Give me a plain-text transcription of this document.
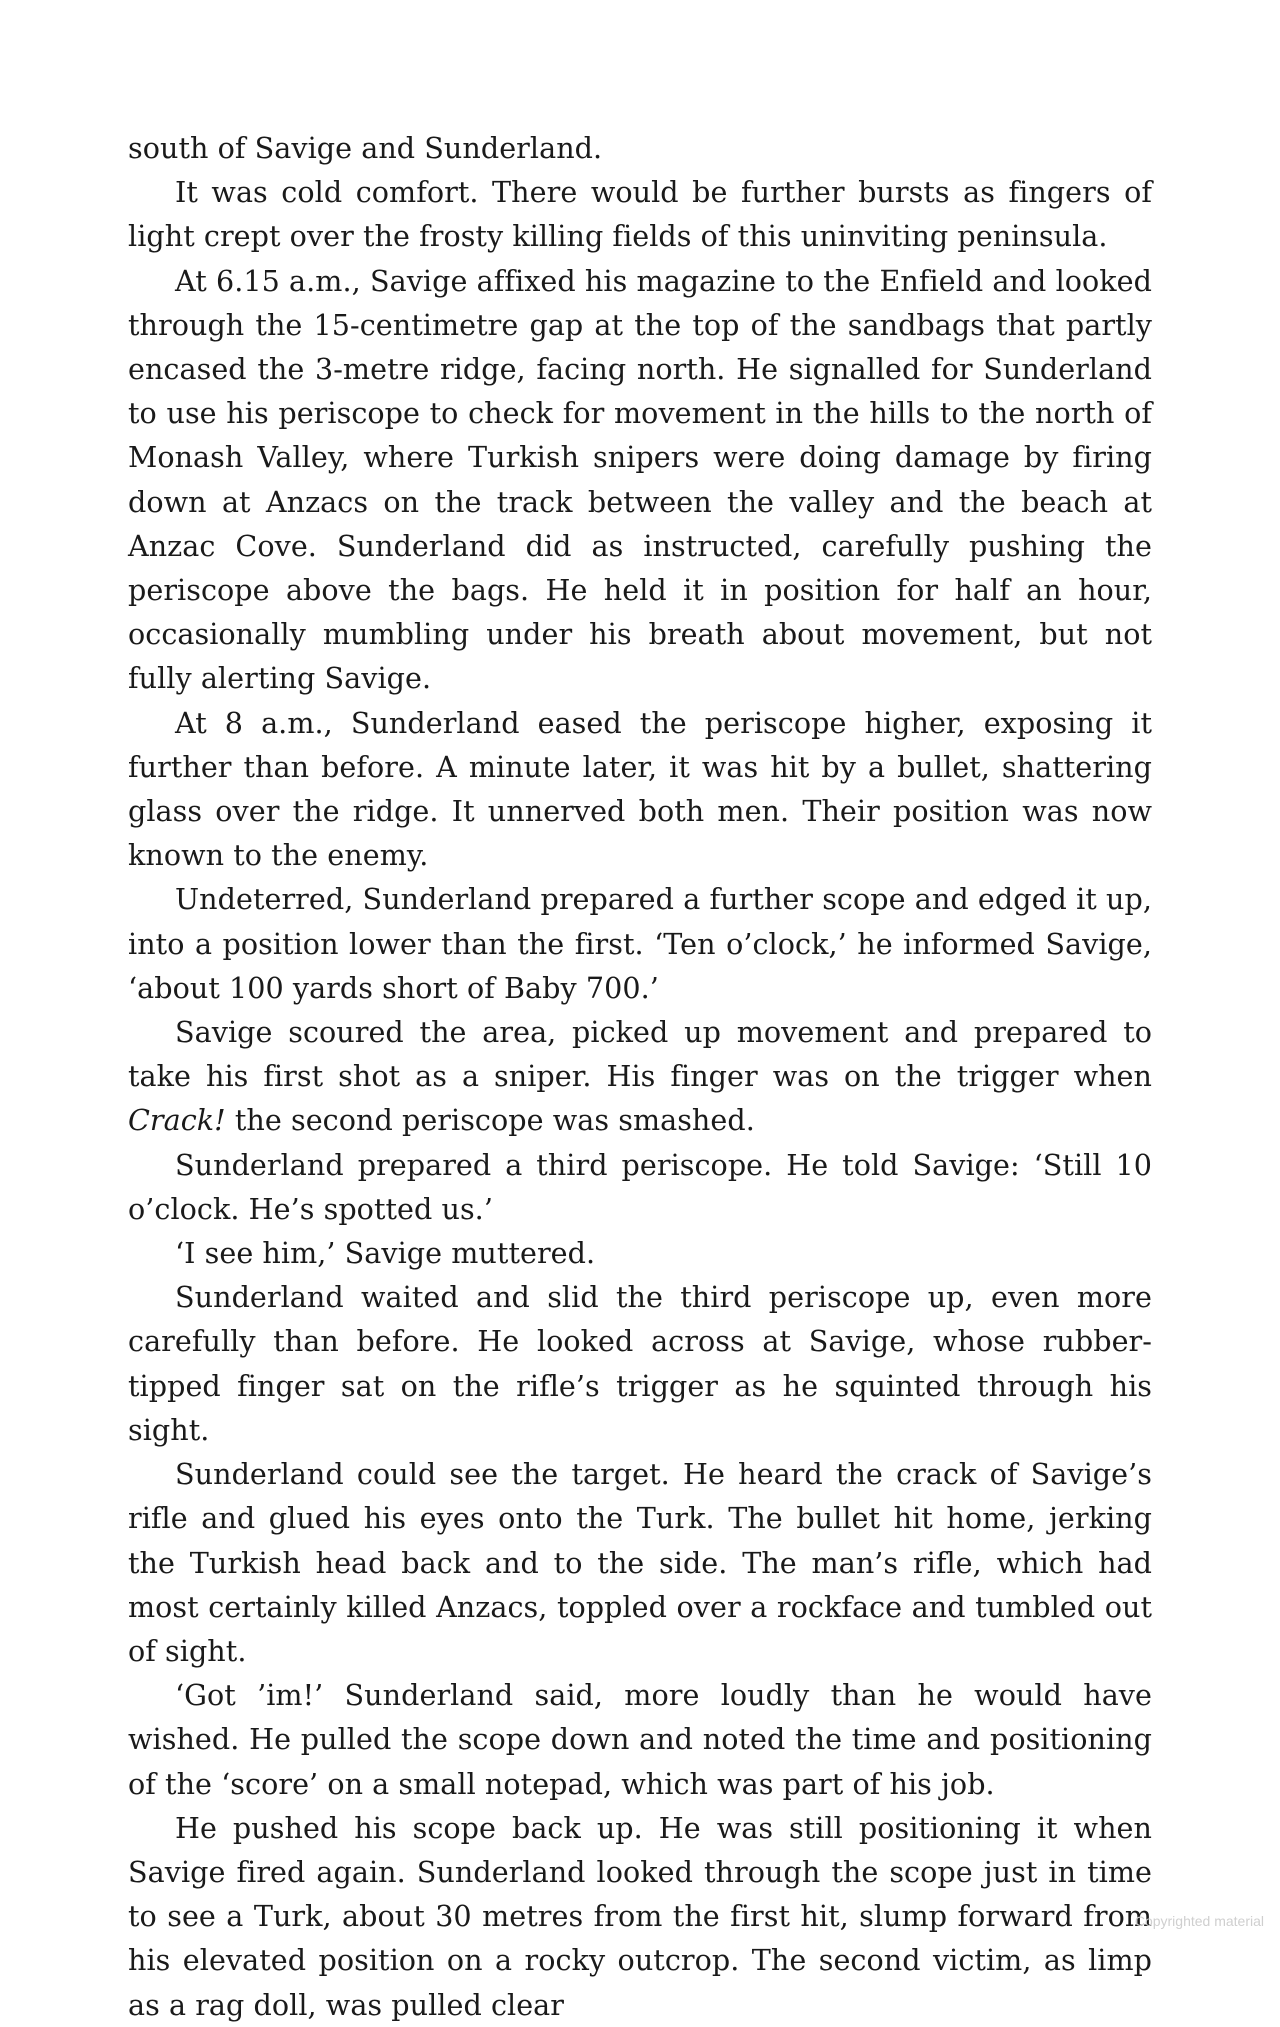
south of Savige and Sunderland.

It was cold comfort. There would be further bursts as fingers of light crept over the frosty killing fields of this uninviting peninsula.

At 6.15 a.m., Savige affixed his magazine to the Enfield and looked through the 15-centimetre gap at the top of the sandbags that partly encased the 3-metre ridge, facing north. He signalled for Sunderland to use his periscope to check for movement in the hills to the north of Monash Valley, where Turkish snipers were doing damage by firing down at Anzacs on the track between the valley and the beach at Anzac Cove. Sunderland did as instructed, carefully pushing the periscope above the bags. He held it in position for half an hour, occasionally mumbling under his breath about movement, but not fully alerting Savige.

At 8 a.m., Sunderland eased the periscope higher, exposing it further than before. A minute later, it was hit by a bullet, shattering glass over the ridge. It unnerved both men. Their position was now known to the enemy.

Undeterred, Sunderland prepared a further scope and edged it up, into a position lower than the first. ‘Ten o’clock,’ he informed Savige, ‘about 100 yards short of Baby 700.’

Savige scoured the area, picked up movement and prepared to take his first shot as a sniper. His finger was on the trigger when Crack! the second periscope was smashed.

Sunderland prepared a third periscope. He told Savige: ‘Still 10 o’clock. He’s spotted us.’

‘I see him,’ Savige muttered.

Sunderland waited and slid the third periscope up, even more carefully than before. He looked across at Savige, whose rubber-tipped finger sat on the rifle’s trigger as he squinted through his sight.

Sunderland could see the target. He heard the crack of Savige’s rifle and glued his eyes onto the Turk. The bullet hit home, jerking the Turkish head back and to the side. The man’s rifle, which had most certainly killed Anzacs, toppled over a rockface and tumbled out of sight.

‘Got ’im!’ Sunderland said, more loudly than he would have wished. He pulled the scope down and noted the time and positioning of the ‘score’ on a small notepad, which was part of his job.

He pushed his scope back up. He was still positioning it when Savige fired again. Sunderland looked through the scope just in time to see a Turk, about 30 metres from the first hit, slump forward from his elevated position on a rocky outcrop. The second victim, as limp as a rag doll, was pulled clear

Copyrighted material
